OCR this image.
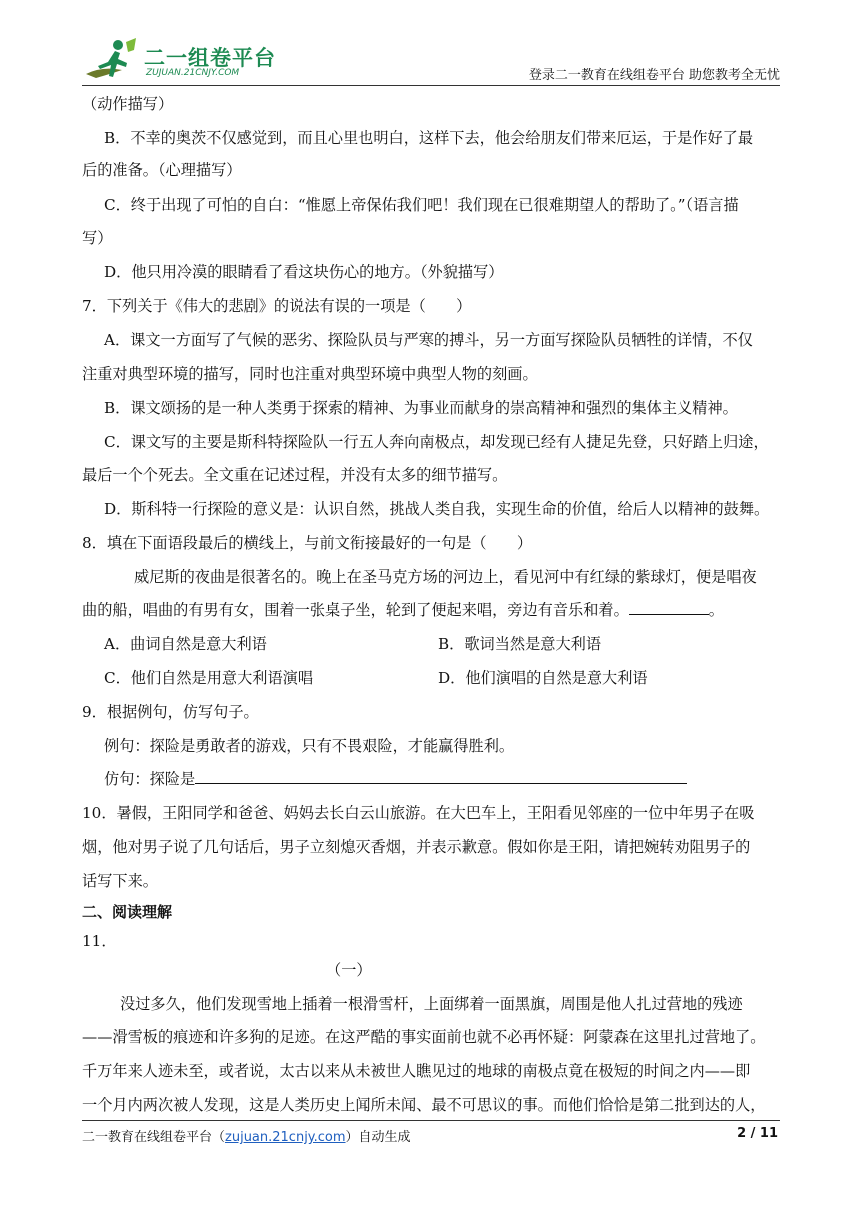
二一组卷平台
ZUJUAN.21CNJY.COM	登录二一教育在线组卷平台 助您教考全无忧
（动作描写）
B．不幸的奥茨不仅感觉到，而且心里也明白，这样下去，他会给朋友们带来厄运，于是作好了最
后的准备。（心理描写）
C．终于出现了可怕的自白：“惟愿上帝保佑我们吧！我们现在已很难期望人的帮助了。”（语言描
写）
D．他只用冷漠的眼睛看了看这块伤心的地方。（外貌描写）
7．下列关于《伟大的悲剧》的说法有误的一项是（　　）
A．课文一方面写了气候的恶劣、探险队员与严寒的搏斗，另一方面写探险队员牺牲的详情，不仅
注重对典型环境的描写，同时也注重对典型环境中典型人物的刻画。
B．课文颂扬的是一种人类勇于探索的精神、为事业而献身的崇高精神和强烈的集体主义精神。
C．课文写的主要是斯科特探险队一行五人奔向南极点，却发现已经有人捷足先登，只好踏上归途，
最后一个个死去。全文重在记述过程，并没有太多的细节描写。
D．斯科特一行探险的意义是：认识自然，挑战人类自我，实现生命的价值，给后人以精神的鼓舞。
8．填在下面语段最后的横线上，与前文衔接最好的一句是（　　）
威尼斯的夜曲是很著名的。晚上在圣马克方场的河边上，看见河中有红绿的紫球灯，便是唱夜
曲的船，唱曲的有男有女，围着一张桌子坐，轮到了便起来唱，旁边有音乐和着。	。
A．曲词自然是意大利语	B．歌词当然是意大利语
C．他们自然是用意大利语演唱	D．他们演唱的自然是意大利语
9．根据例句，仿写句子。
例句：探险是勇敢者的游戏，只有不畏艰险，才能赢得胜利。
仿句：探险是
10．暑假，王阳同学和爸爸、妈妈去长白云山旅游。在大巴车上，王阳看见邻座的一位中年男子在吸
烟，他对男子说了几句话后，男子立刻熄灭香烟，并表示歉意。假如你是王阳，请把婉转劝阻男子的
话写下来。
二、阅读理解
11．
（一）
没过多久，他们发现雪地上插着一根滑雪杆，上面绑着一面黑旗，周围是他人扎过营地的残迹
——滑雪板的痕迹和许多狗的足迹。在这严酷的事实面前也就不必再怀疑：阿蒙森在这里扎过营地了。
千万年来人迹未至，或者说，太古以来从未被世人瞧见过的地球的南极点竟在极短的时间之内——即
一个月内两次被人发现，这是人类历史上闻所未闻、最不可思议的事。而他们恰恰是第二批到达的人，
二一教育在线组卷平台（zujuan.21cnjy.com）自动生成	2 / 11
